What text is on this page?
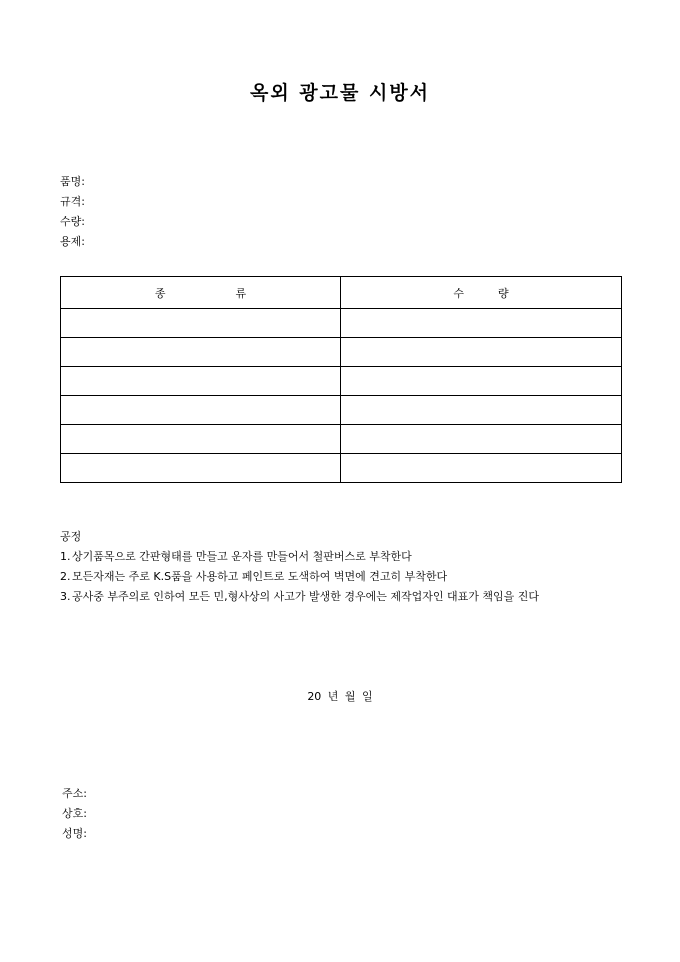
옥외 광고물 시방서
품명:
규격:
수량:
용제:
종 류	수 량

공정
1. 상기품목으로 간판형태를 만들고 운자를 만들어서 철판버스로 부착한다
2. 모든자재는 주로 K.S품을 사용하고 페인트로 도색하여 벽면에 견고히 부착한다
3. 공사중 부주의로 인하여 모든 민,형사상의 사고가 발생한 경우에는 제작업자인 대표가 책임을 진다
20 년 월 일
주소:
상호:
성명:
